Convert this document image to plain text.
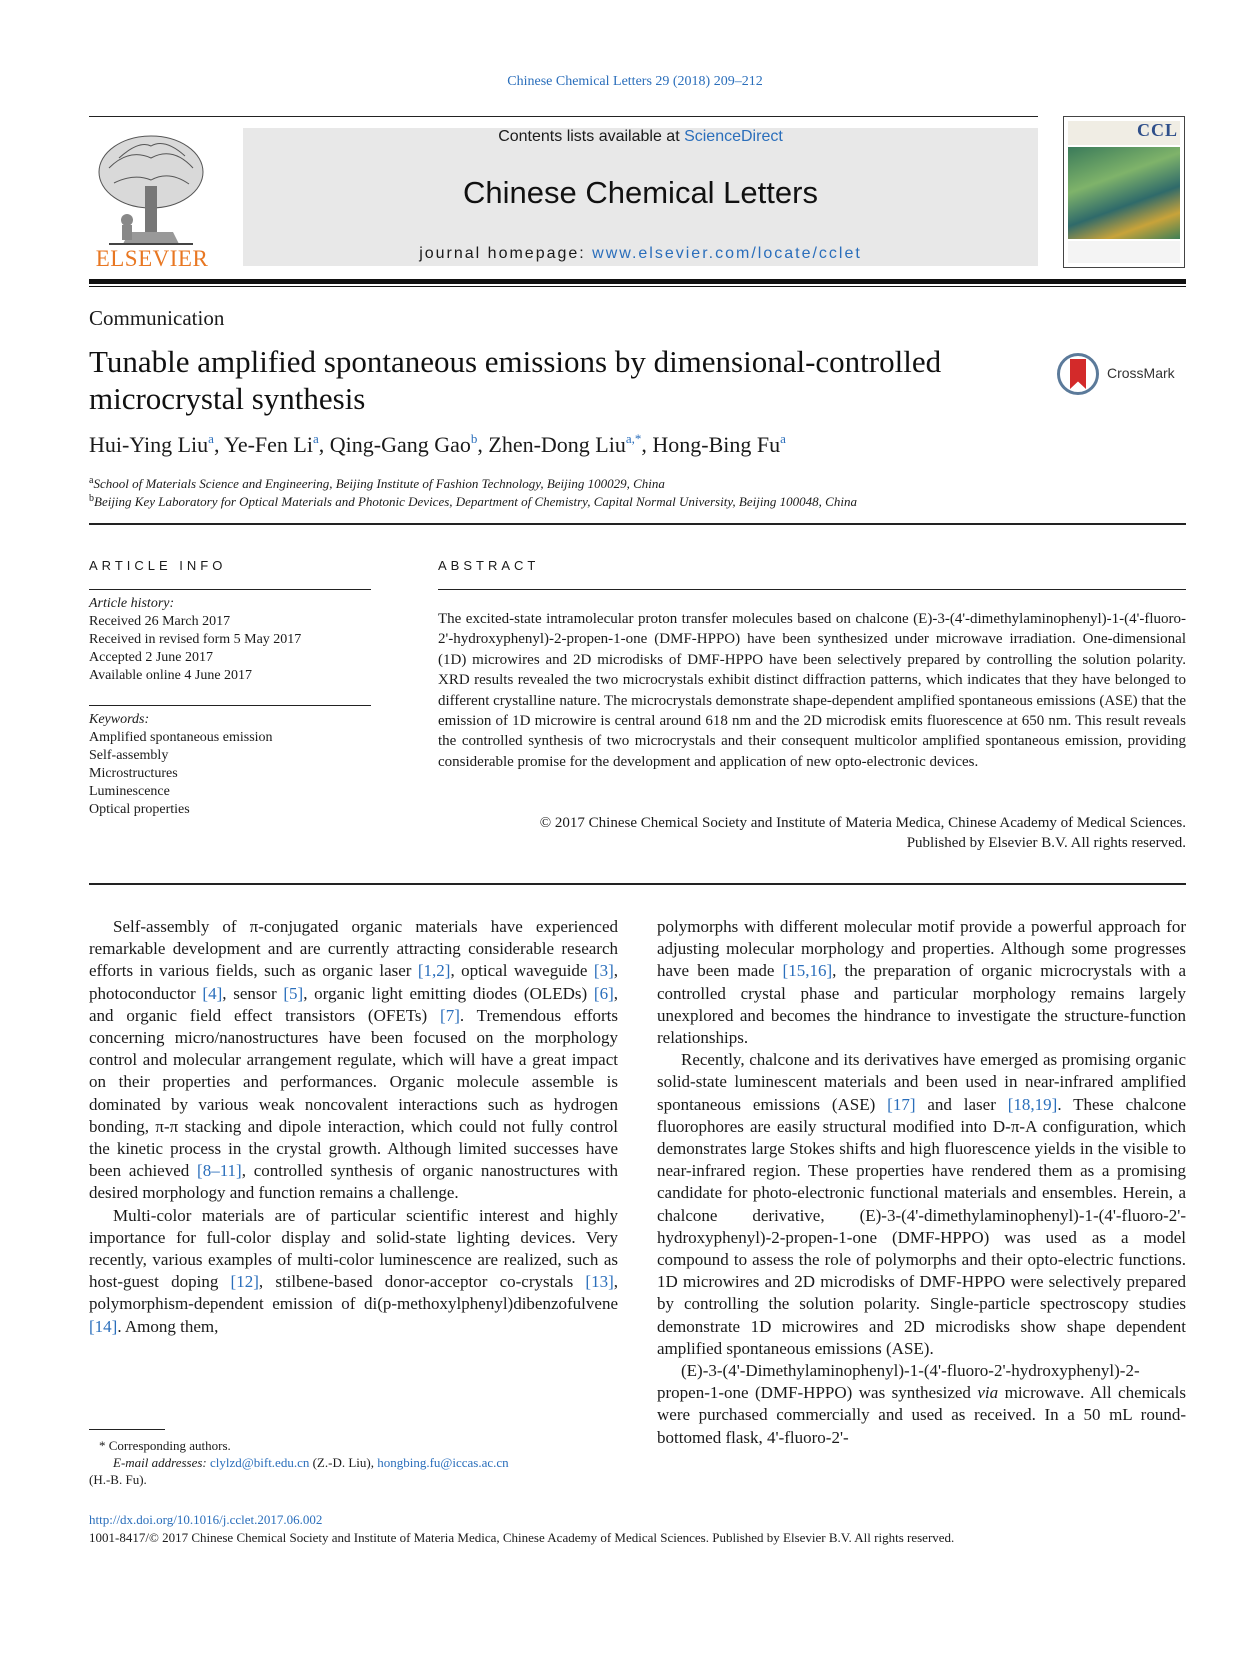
Chinese Chemical Letters 29 (2018) 209–212
ELSEVIER
Contents lists available at ScienceDirect
Chinese Chemical Letters
journal homepage: www.elsevier.com/locate/cclet
CCL
Communication
Tunable amplified spontaneous emissions by dimensional-controlled microcrystal synthesis
CrossMark
Hui-Ying Liu$^a$, Ye-Fen Li$^a$, Qing-Gang Gao$^b$, Zhen-Dong Liu$^{a,*}$, Hong-Bing Fu$^a$
$^a$School of Materials Science and Engineering, Beijing Institute of Fashion Technology, Beijing 100029, China
$^b$Beijing Key Laboratory for Optical Materials and Photonic Devices, Department of Chemistry, Capital Normal University, Beijing 100048, China
ARTICLE INFO
Article history:
Received 26 March 2017
Received in revised form 5 May 2017
Accepted 2 June 2017
Available online 4 June 2017
Keywords:
Amplified spontaneous emission
Self-assembly
Microstructures
Luminescence
Optical properties
ABSTRACT
The excited-state intramolecular proton transfer molecules based on chalcone (E)-3-(4'-dimethylaminophenyl)-1-(4'-fluoro-2'-hydroxyphenyl)-2-propen-1-one (DMF-HPPO) have been synthesized under microwave irradiation. One-dimensional (1D) microwires and 2D microdisks of DMF-HPPO have been selectively prepared by controlling the solution polarity. XRD results revealed the two microcrystals exhibit distinct diffraction patterns, which indicates that they have belonged to different crystalline nature. The microcrystals demonstrate shape-dependent amplified spontaneous emissions (ASE) that the emission of 1D microwire is central around 618 nm and the 2D microdisk emits fluorescence at 650 nm. This result reveals the controlled synthesis of two microcrystals and their consequent multicolor amplified spontaneous emission, providing considerable promise for the development and application of new opto-electronic devices.
© 2017 Chinese Chemical Society and Institute of Materia Medica, Chinese Academy of Medical Sciences.
Published by Elsevier B.V. All rights reserved.

Self-assembly of π-conjugated organic materials have experienced remarkable development and are currently attracting considerable research efforts in various fields, such as organic laser [1,2], optical waveguide [3], photoconductor [4], sensor [5], organic light emitting diodes (OLEDs) [6], and organic field effect transistors (OFETs) [7]. Tremendous efforts concerning micro/nanostructures have been focused on the morphology control and molecular arrangement regulate, which will have a great impact on their properties and performances. Organic molecule assemble is dominated by various weak noncovalent interactions such as hydrogen bonding, π-π stacking and dipole interaction, which could not fully control the kinetic process in the crystal growth. Although limited successes have been achieved [8–11], controlled synthesis of organic nanostructures with desired morphology and function remains a challenge.

Multi-color materials are of particular scientific interest and highly importance for full-color display and solid-state lighting devices. Very recently, various examples of multi-color luminescence are realized, such as host-guest doping [12], stilbene-based donor-acceptor co-crystals [13], polymorphism-dependent emission of di(p-methoxylphenyl)dibenzofulvene [14]. Among them,

polymorphs with different molecular motif provide a powerful approach for adjusting molecular morphology and properties. Although some progresses have been made [15,16], the preparation of organic microcrystals with a controlled crystal phase and particular morphology remains largely unexplored and becomes the hindrance to investigate the structure-function relationships.

Recently, chalcone and its derivatives have emerged as promising organic solid-state luminescent materials and been used in near-infrared amplified spontaneous emissions (ASE) [17] and laser [18,19]. These chalcone fluorophores are easily structural modified into D-π-A configuration, which demonstrates large Stokes shifts and high fluorescence yields in the visible to near-infrared region. These properties have rendered them as a promising candidate for photo-electronic functional materials and ensembles. Herein, a chalcone derivative, (E)-3-(4'-dimethylaminophenyl)-1-(4'-fluoro-2'-hydroxyphenyl)-2-propen-1-one (DMF-HPPO) was used as a model compound to assess the role of polymorphs and their opto-electric functions. 1D microwires and 2D microdisks of DMF-HPPO were selectively prepared by controlling the solution polarity. Single-particle spectroscopy studies demonstrate 1D microwires and 2D microdisks show shape dependent amplified spontaneous emissions (ASE).

(E)-3-(4'-Dimethylaminophenyl)-1-(4'-fluoro-2'-hydroxyphenyl)-2-propen-1-one (DMF-HPPO) was synthesized via microwave. All chemicals were purchased commercially and used as received. In a 50 mL round-bottomed flask, 4'-fluoro-2'-

* Corresponding authors.
E-mail addresses: clylzd@bift.edu.cn (Z.-D. Liu), hongbing.fu@iccas.ac.cn
(H.-B. Fu).
http://dx.doi.org/10.1016/j.cclet.2017.06.002
1001-8417/© 2017 Chinese Chemical Society and Institute of Materia Medica, Chinese Academy of Medical Sciences. Published by Elsevier B.V. All rights reserved.
